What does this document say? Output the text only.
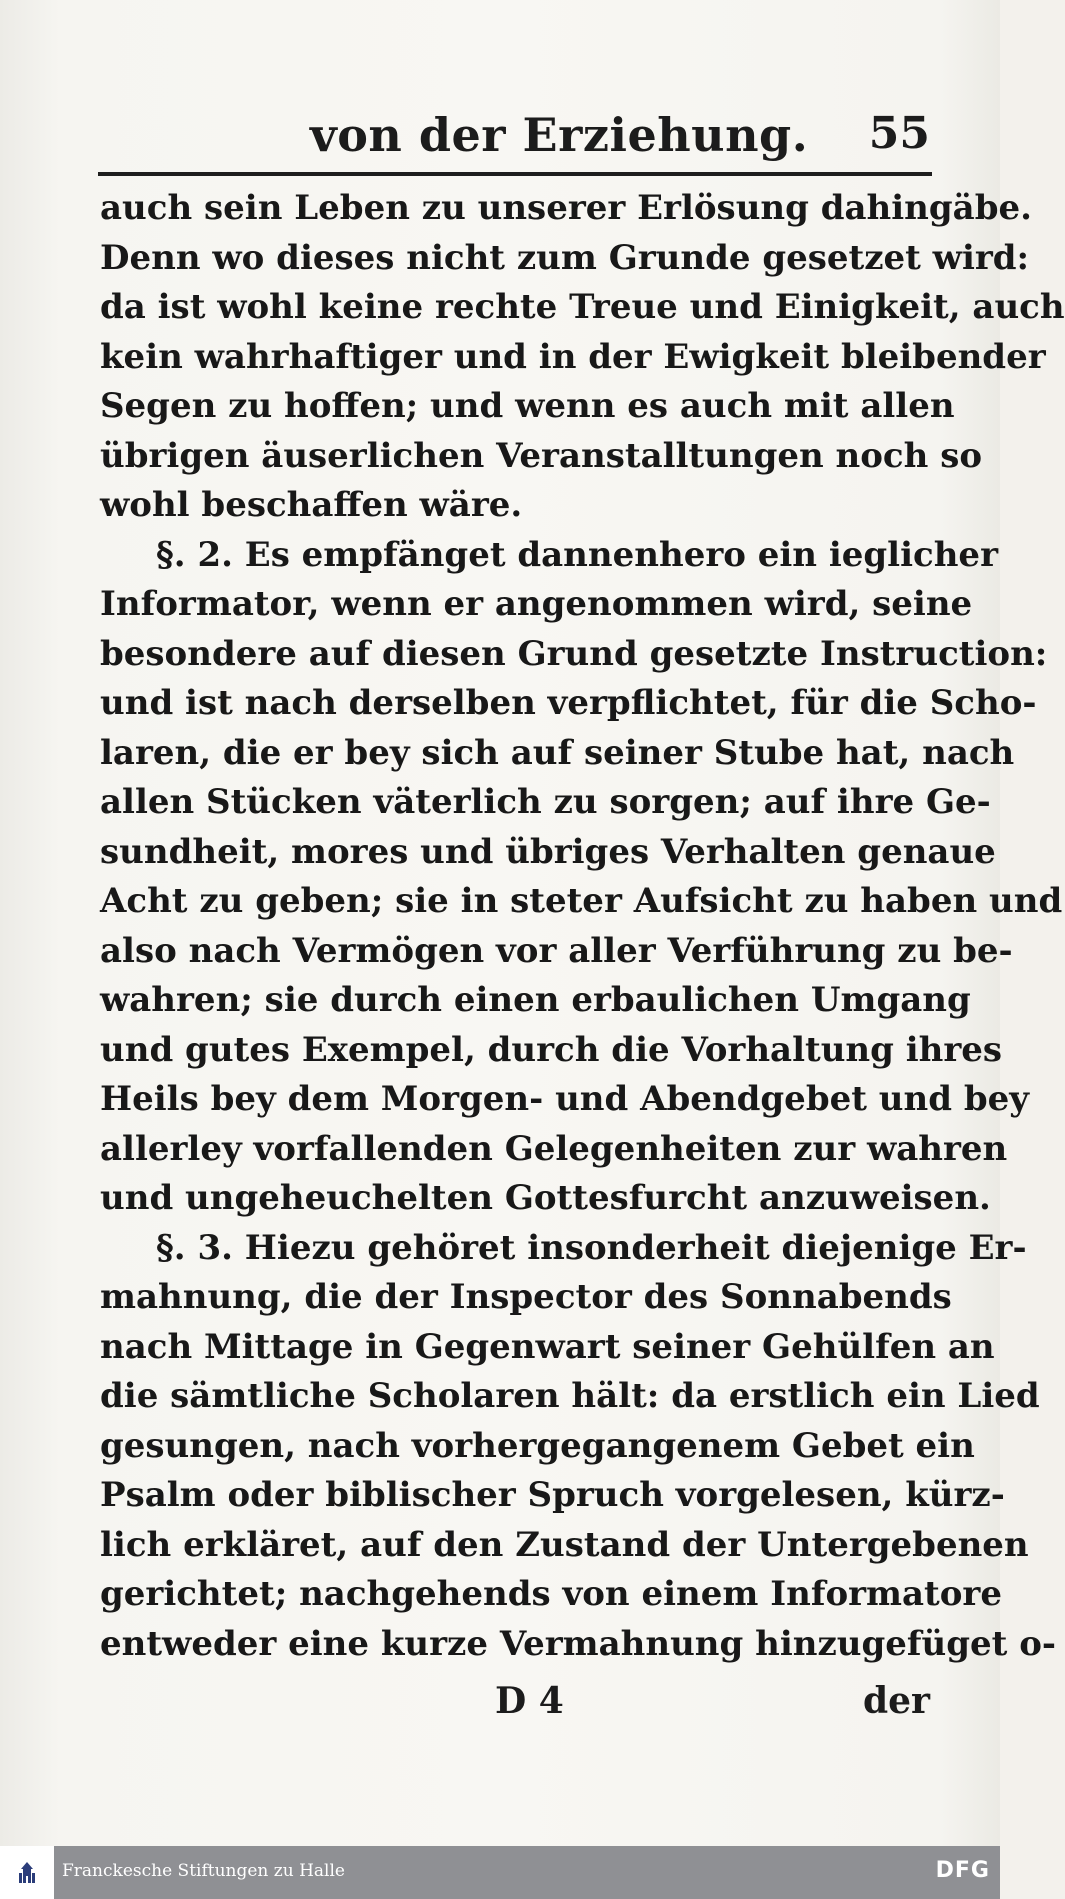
von der Erziehung. 55
auch sein Leben zu unserer Erlösung dahingäbe.
Denn wo dieses nicht zum Grunde gesetzet wird:
da ist wohl keine rechte Treue und Einigkeit, auch
kein wahrhaftiger und in der Ewigkeit bleibender
Segen zu hoffen; und wenn es auch mit allen
übrigen äuserlichen Veranstalltungen noch so
wohl beschaffen wäre.
§. 2. Es empfänget dannenhero ein ieglicher
Informator, wenn er angenommen wird, seine
besondere auf diesen Grund gesetzte Instruction:
und ist nach derselben verpflichtet, für die Scho-
laren, die er bey sich auf seiner Stube hat, nach
allen Stücken väterlich zu sorgen; auf ihre Ge-
sundheit, mores und übriges Verhalten genaue
Acht zu geben; sie in steter Aufsicht zu haben und
also nach Vermögen vor aller Verführung zu be-
wahren; sie durch einen erbaulichen Umgang
und gutes Exempel, durch die Vorhaltung ihres
Heils bey dem Morgen- und Abendgebet und bey
allerley vorfallenden Gelegenheiten zur wahren
und ungeheuchelten Gottesfurcht anzuweisen.
§. 3. Hiezu gehöret insonderheit diejenige Er-
mahnung, die der Inspector des Sonnabends
nach Mittage in Gegenwart seiner Gehülfen an
die sämtliche Scholaren hält: da erstlich ein Lied
gesungen, nach vorhergegangenem Gebet ein
Psalm oder biblischer Spruch vorgelesen, kürz-
lich erkläret, auf den Zustand der Untergebenen
gerichtet; nachgehends von einem Informatore
entweder eine kurze Vermahnung hinzugefüget o-
D 4	der
Franckesche Stiftungen zu Halle	DFG
